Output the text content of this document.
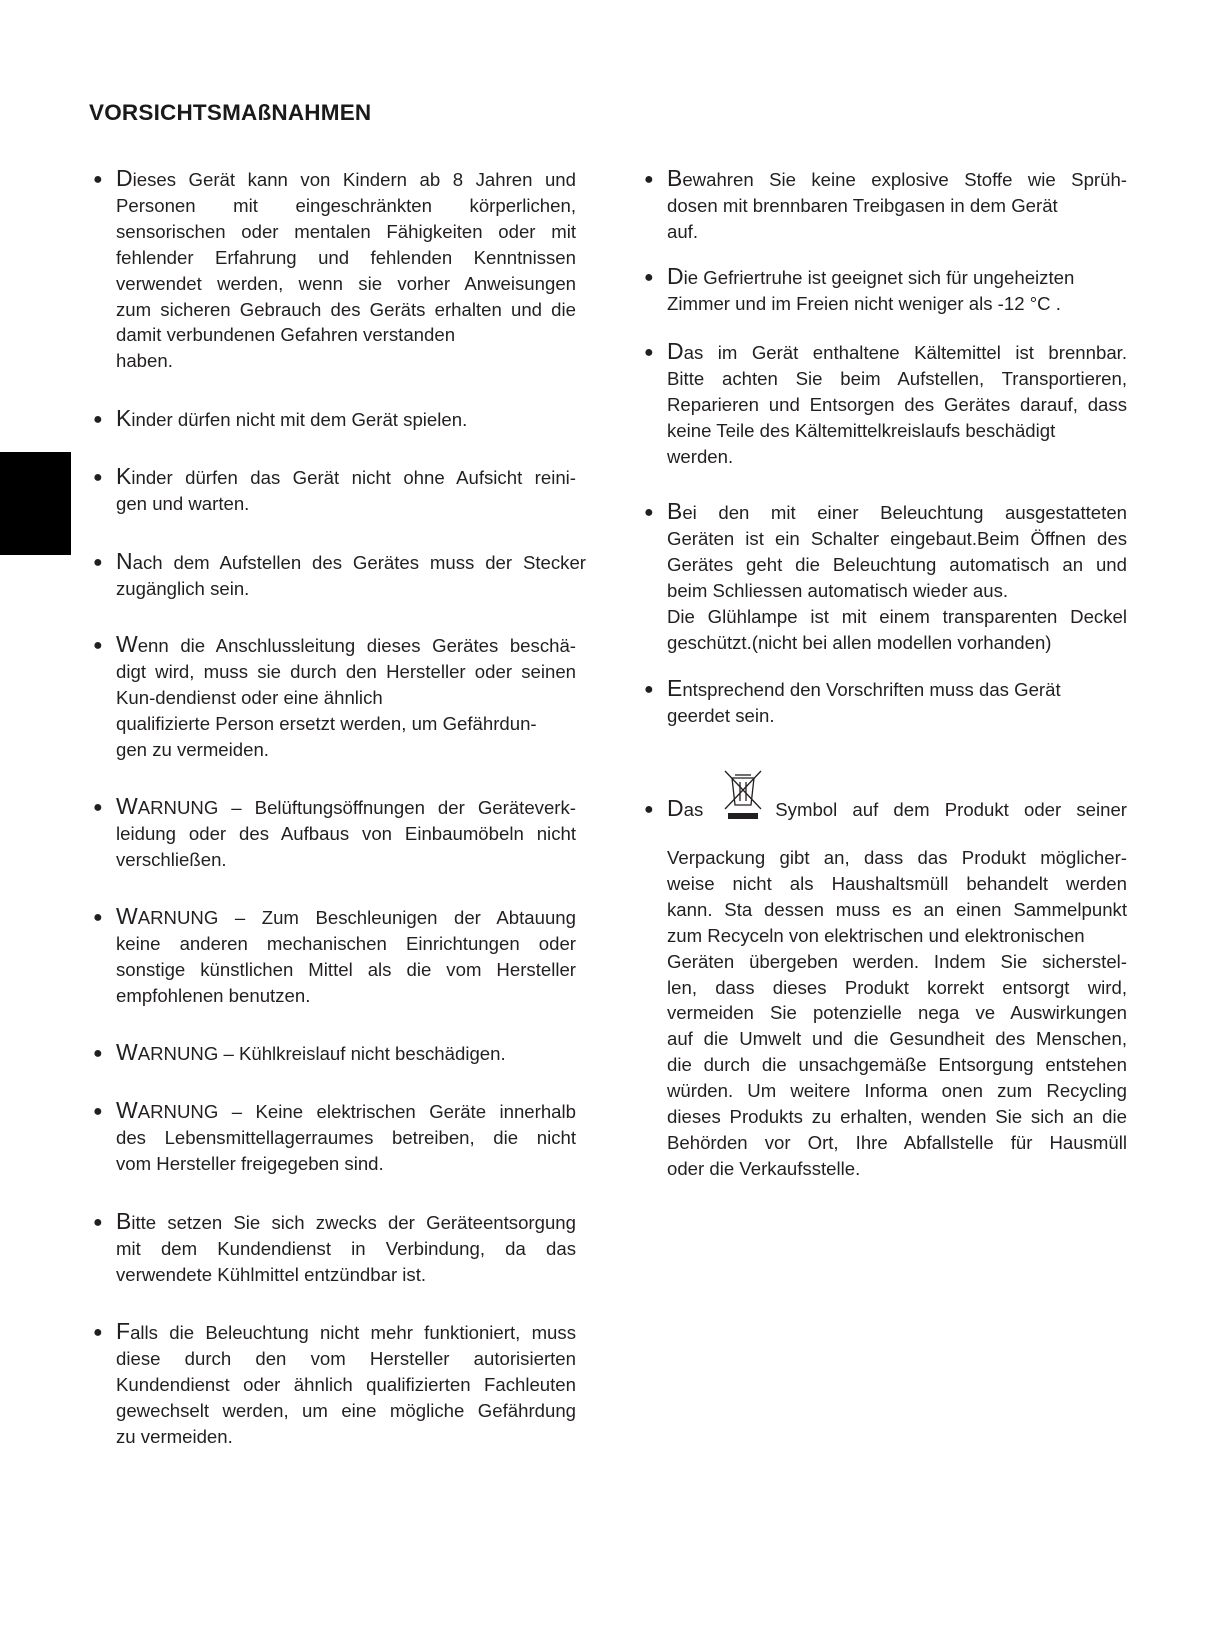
VORSICHTSMAßNAHMEN
● Dieses Gerät kann von Kindern ab 8 Jahren und
Personen mit eingeschränkten körperlichen,
sensorischen oder mentalen Fähigkeiten oder mit
fehlender Erfahrung und fehlenden Kenntnissen
verwendet werden, wenn sie vorher Anweisungen
zum sicheren Gebrauch des Geräts erhalten und die
damit verbundenen Gefahren verstanden
haben.
● Kinder dürfen nicht mit dem Gerät spielen.
● Kinder dürfen das Gerät nicht ohne Aufsicht reini-
gen und warten.
● Nach dem Aufstellen des Gerätes muss der Stecker
zugänglich sein.
● Wenn die Anschlussleitung dieses Gerätes beschä-
digt wird, muss sie durch den Hersteller oder seinen
Kun-dendienst oder eine ähnlich
qualifizierte Person ersetzt werden, um Gefährdun-
gen zu vermeiden.
● WARNUNG – Belüftungsöffnungen der Geräteverk-
leidung oder des Aufbaus von Einbaumöbeln nicht
verschließen.
● WARNUNG – Zum Beschleunigen der Abtauung
keine anderen mechanischen Einrichtungen oder
sonstige künstlichen Mittel als die vom Hersteller
empfohlenen benutzen.
● WARNUNG – Kühlkreislauf nicht beschädigen.
● WARNUNG – Keine elektrischen Geräte innerhalb
des Lebensmittellagerraumes betreiben, die nicht
vom Hersteller freigegeben sind.
● Bitte setzen Sie sich zwecks der Geräteentsorgung
mit dem Kundendienst in Verbindung, da das
verwendete Kühlmittel entzündbar ist.
● Falls die Beleuchtung nicht mehr funktioniert, muss
diese durch den vom Hersteller autorisierten
Kundendienst oder ähnlich qualifizierten Fachleuten
gewechselt werden, um eine mögliche Gefährdung
zu vermeiden.
● Bewahren Sie keine explosive Stoffe wie Sprüh-
dosen mit brennbaren Treibgasen in dem Gerät
auf.
● Die Gefriertruhe ist geeignet sich für ungeheizten
Zimmer und im Freien nicht weniger als -12 °C .
● Das im Gerät enthaltene Kältemittel ist brennbar.
Bitte achten Sie beim Aufstellen, Transportieren,
Reparieren und Entsorgen des Gerätes darauf, dass
keine Teile des Kältemittelkreislaufs beschädigt
werden.
● Bei den mit einer Beleuchtung ausgestatteten
Geräten ist ein Schalter eingebaut.Beim Öffnen des
Gerätes geht die Beleuchtung automatisch an und
beim Schliessen automatisch wieder aus.
Die Glühlampe ist mit einem transparenten Deckel
geschützt.(nicht bei allen modellen vorhanden)
● Entsprechend den Vorschriften muss das Gerät
geerdet sein.
● Das	Symbol auf dem Produkt oder seiner
Verpackung gibt an, dass das Produkt möglicher-
weise nicht als Haushaltsmüll behandelt werden
kann. Sta dessen muss es an einen Sammelpunkt
zum Recyceln von elektrischen und elektronischen
Geräten übergeben werden. Indem Sie sicherstel-
len, dass dieses Produkt korrekt entsorgt wird,
vermeiden Sie potenzielle nega ve Auswirkungen
auf die Umwelt und die Gesundheit des Menschen,
die durch die unsachgemäße Entsorgung entstehen
würden. Um weitere Informa onen zum Recycling
dieses Produkts zu erhalten, wenden Sie sich an die
Behörden vor Ort, Ihre Abfallstelle für Hausmüll
oder die Verkaufsstelle.
